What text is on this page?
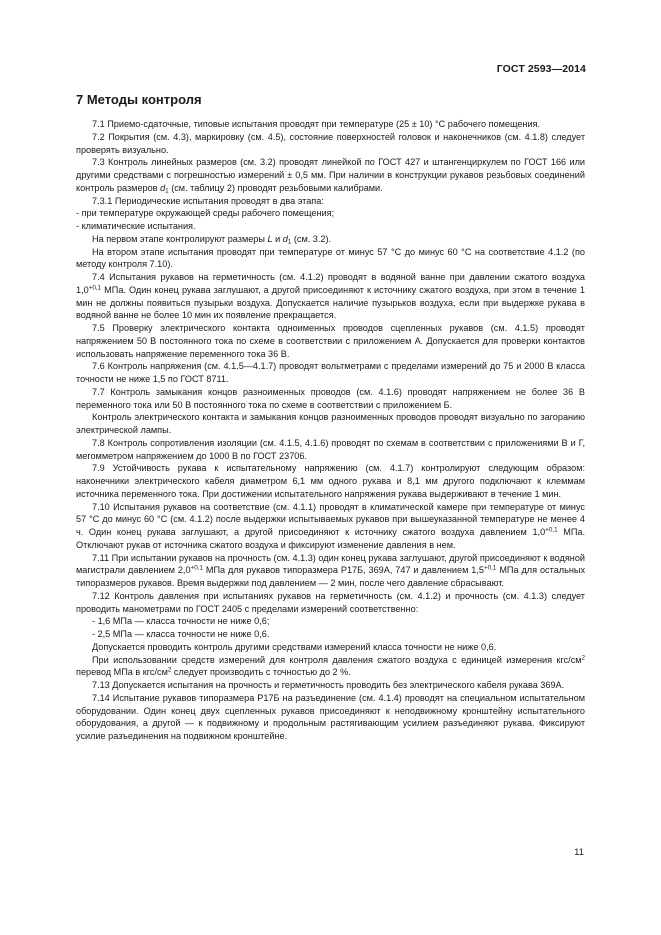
ГОСТ 2593—2014
7 Методы контроля

7.1 Приемо-сдаточные, типовые испытания проводят при температуре (25 ± 10) °С рабочего помещения.

7.2 Покрытия (см. 4.3), маркировку (см. 4.5), состояние поверхностей головок и наконечников (см. 4.1.8) следует проверять визуально.

7.3 Контроль линейных размеров (см. 3.2) проводят линейкой по ГОСТ 427 и штангенциркулем по ГОСТ 166 или другими средствами с погрешностью измерений ± 0,5 мм. При наличии в конструкции рукавов резьбовых соединений контроль размеров $d_1$ (см. таблицу 2) проводят резьбовыми калибрами.

7.3.1 Периодические испытания проводят в два этапа:

- при температуре окружающей среды рабочего помещения;

- климатические испытания.

На первом этапе контролируют размеры L и $d_1$ (см. 3.2).

На втором этапе испытания проводят при температуре от минус 57 °С до минус 60 °С на соответствие 4.1.2 (по методу контроля 7.10).

7.4 Испытания рукавов на герметичность (см. 4.1.2) проводят в водяной ванне при давлении сжатого воздуха $1,0^{+0,1}$ МПа. Один конец рукава заглушают, а другой присоединяют к источнику сжатого воздуха, при этом в течение 1 мин не должны появиться пузырьки воздуха. Допускается наличие пузырьков воздуха, если при выдержке рукава в водяной ванне не более 10 мин их появление прекращается.

7.5 Проверку электрического контакта одноименных проводов сцепленных рукавов (см. 4.1.5) проводят напряжением 50 В постоянного тока по схеме в соответствии с приложением А. Допускается для проверки контактов использовать напряжение переменного тока 36 В.

7.6 Контроль напряжения (см. 4.1.5—4.1.7) проводят вольтметрами с пределами измерений до 75 и 2000 В класса точности не ниже 1,5 по ГОСТ 8711.

7.7 Контроль замыкания концов разноименных проводов (см. 4.1.6) проводят напряжением не более 36 В переменного тока или 50 В постоянного тока по схеме в соответствии с приложением Б.

Контроль электрического контакта и замыкания концов разноименных проводов проводят визуально по загоранию электрической лампы.

7.8 Контроль сопротивления изоляции (см. 4.1.5, 4.1.6) проводят по схемам в соответствии с приложениями В и Г, мегомметром напряжением до 1000 В по ГОСТ 23706.

7.9 Устойчивость рукава к испытательному напряжению (см. 4.1.7) контролируют следующим образом: наконечники электрического кабеля диаметром 6,1 мм одного рукава и 8,1 мм другого подключают к клеммам источника переменного тока. При достижении испытательного напряжения рукава выдерживают в течение 1 мин.

7.10 Испытания рукавов на соответствие (см. 4.1.1) проводят в климатической камере при температуре от минус 57 °С до минус 60 °С (см. 4.1.2) после выдержки испытываемых рукавов при вышеуказанной температуре не менее 4 ч. Один конец рукава заглушают, а другой присоединяют к источнику сжатого воздуха давлением $1,0^{+0,1}$ МПа. Отключают рукав от источника сжатого воздуха и фиксируют изменение давления в нем.

7.11 При испытании рукавов на прочность (см. 4.1.3) один конец рукава заглушают, другой присоединяют к водяной магистрали давлением $2,0^{+0,1}$ МПа для рукавов типоразмера Р17Б, 369А, 747 и давлением $1,5^{+0,1}$ МПа для остальных типоразмеров рукавов. Время выдержки под давлением — 2 мин, после чего давление сбрасывают.

7.12 Контроль давления при испытаниях рукавов на герметичность (см. 4.1.2) и прочность (см. 4.1.3) следует проводить манометрами по ГОСТ 2405 с пределами измерений соответственно:

- 1,6 МПа — класса точности не ниже 0,6;

- 2,5 МПа — класса точности не ниже 0,6.

Допускается проводить контроль другими средствами измерений класса точности не ниже 0,6.

При использовании средств измерений для контроля давления сжатого воздуха с единицей измерения кгс/$см^2$ перевод МПа в кгс/$см^2$ следует производить с точностью до 2 %.

7.13 Допускается испытания на прочность и герметичность проводить без электрического кабеля рукава 369А.

7.14 Испытание рукавов типоразмера Р17Б на разъединение (см. 4.1.4) проводят на специальном испытательном оборудовании. Один конец двух сцепленных рукавов присоединяют к неподвижному кронштейну испытательного оборудования, а другой — к подвижному и продольным растягивающим усилием разъединяют рукава. Фиксируют усилие разъединения на подвижном кронштейне.

11
